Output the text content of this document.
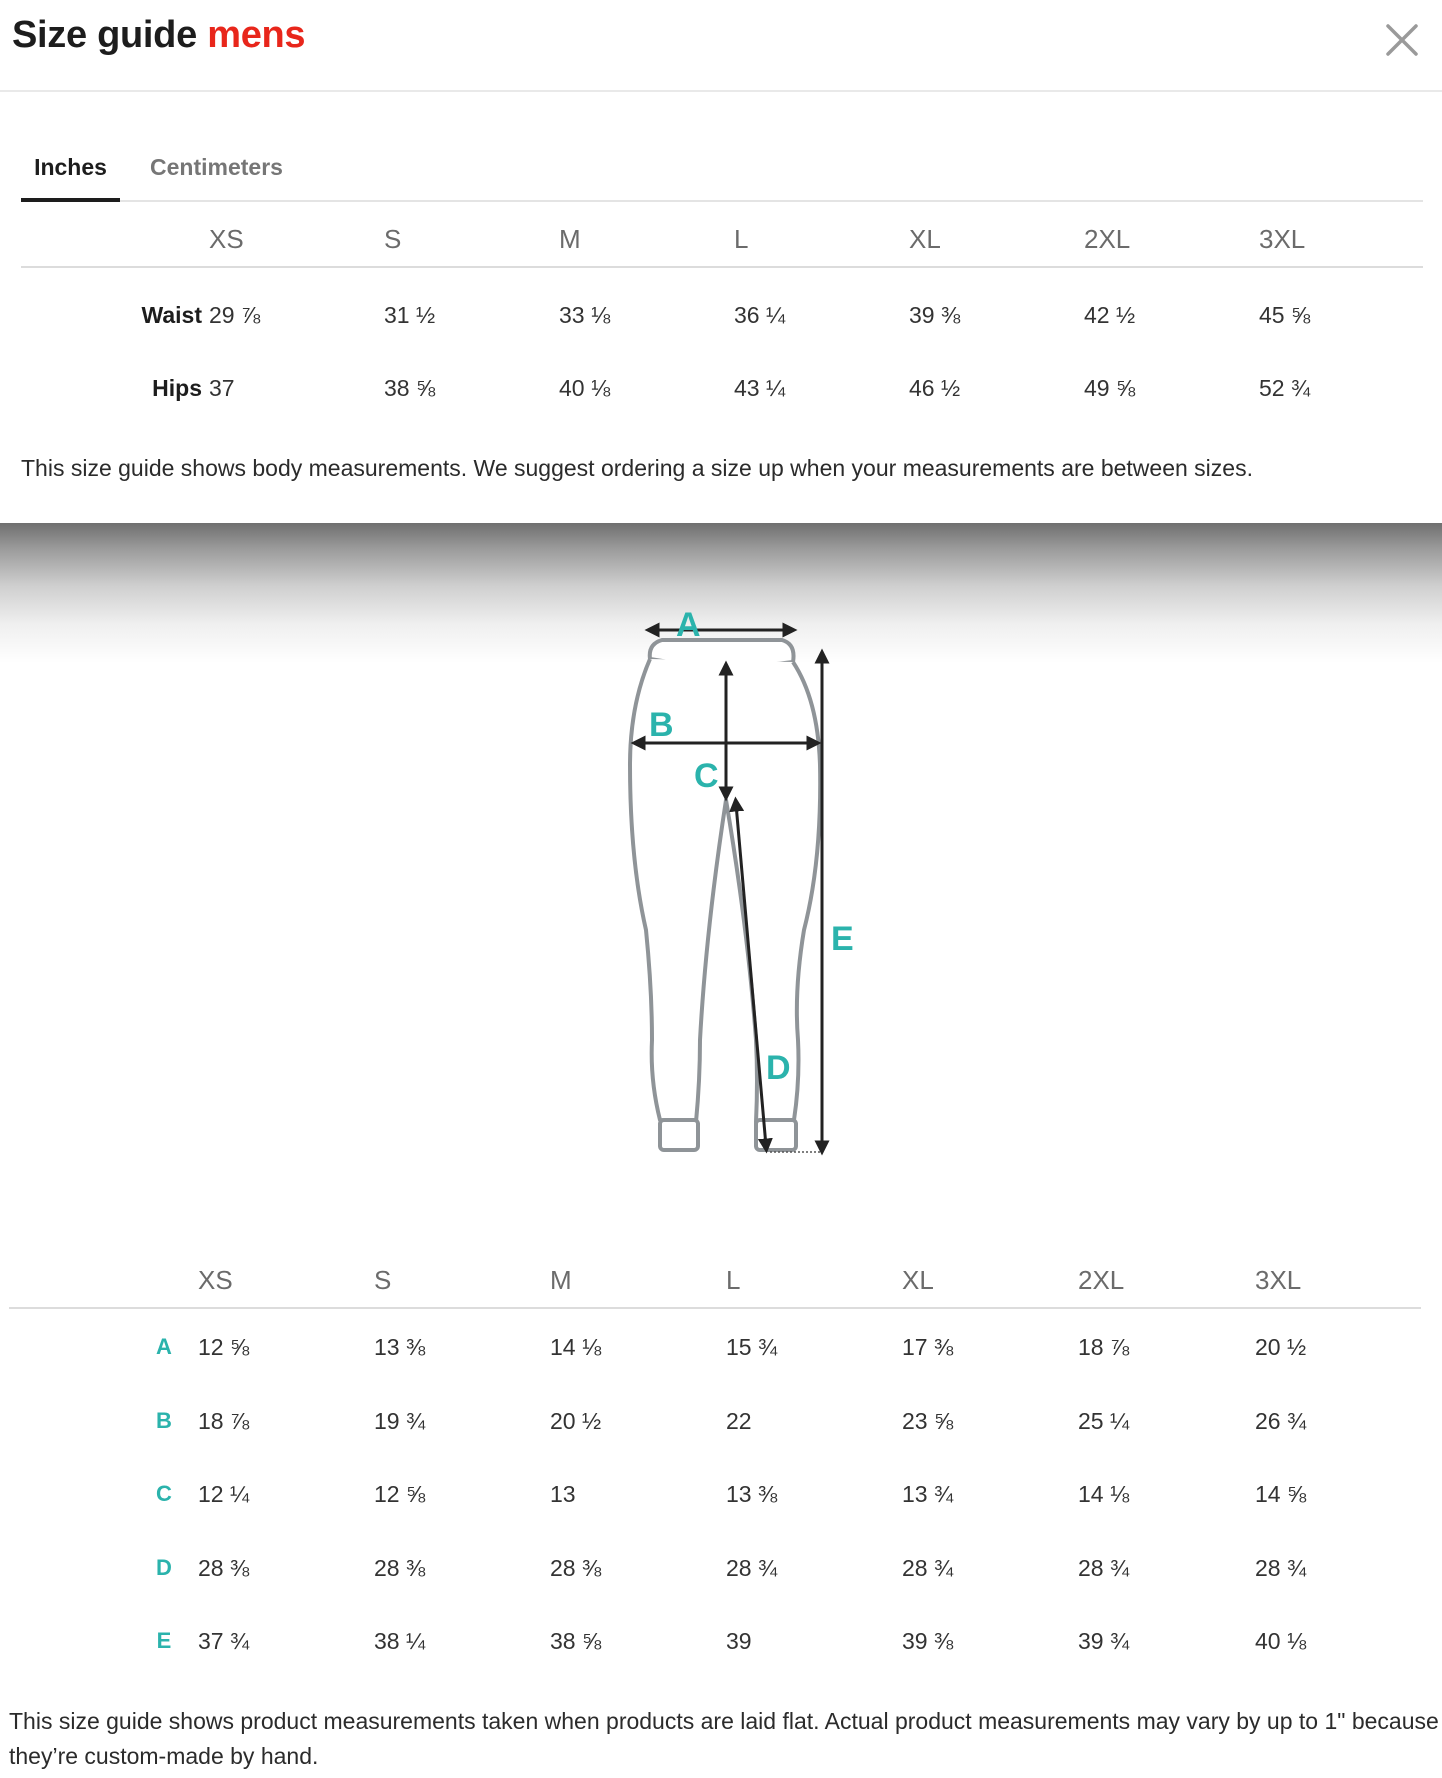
Size guide mens
Inches	Centimeters
XS	S	M	L	XL	2XL	3XL
Waist 29 ⅞	31 ½	33 ⅛	36 ¼	39 ⅜	42 ½	45 ⅝
Hips 37	38 ⅝	40 ⅛	43 ¼	46 ½	49 ⅝	52 ¾
This size guide shows body measurements. We suggest ordering a size up when your measurements are between sizes.
A
B
C
D
E
XS	S	M	L	XL	2XL	3XL
A	12 ⅝	13 ⅜	14 ⅛	15 ¾	17 ⅜	18 ⅞	20 ½
B	18 ⅞	19 ¾	20 ½	22	23 ⅝	25 ¼	26 ¾
C	12 ¼	12 ⅝	13	13 ⅜	13 ¾	14 ⅛	14 ⅝
D	28 ⅜	28 ⅜	28 ⅜	28 ¾	28 ¾	28 ¾	28 ¾
E	37 ¾	38 ¼	38 ⅝	39	39 ⅜	39 ¾	40 ⅛
This size guide shows product measurements taken when products are laid flat. Actual product measurements may vary by up to 1" because they’re custom-made by hand.
